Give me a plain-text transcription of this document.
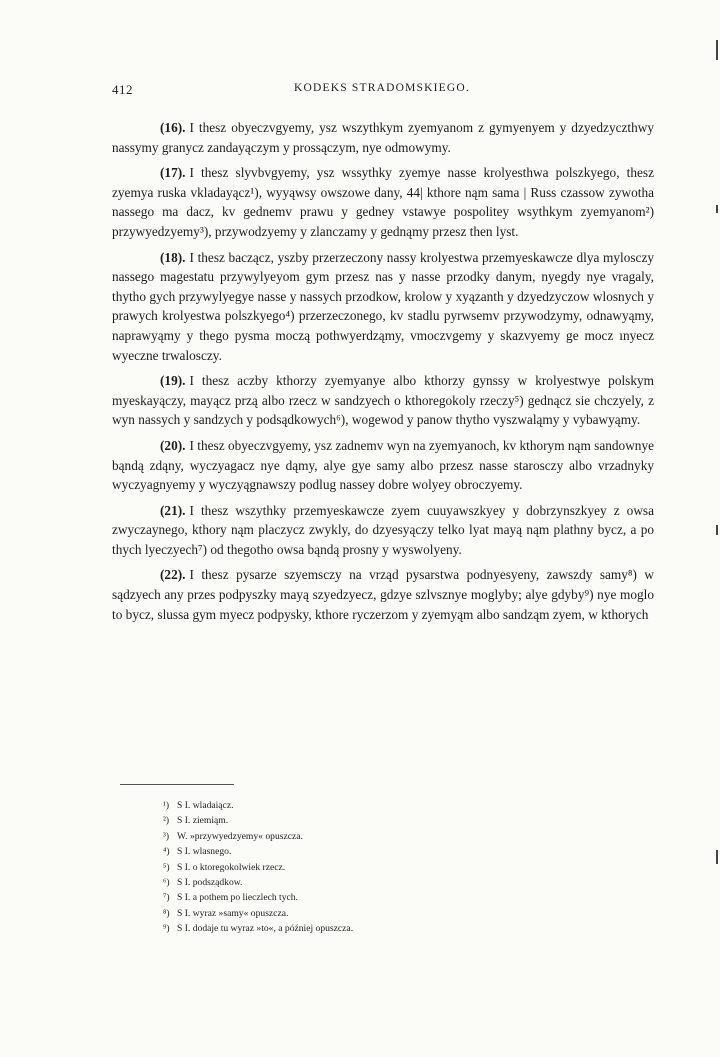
412	KODEKS STRADOMSKIEGO.

(16). I thesz obyeczvgyemy, ysz wszythkym zyemyanom z gymyenyem y dzyedzyczthwy nassymy granycz zandayączym y prossączym, nye odmowymy.

(17). I thesz slyvbvgyemy, ysz wssythky zyemye nasse krolyesthwa polszkyego, thesz zyemya ruska vkladayącz¹), wyyąwsy owszowe dany, 44| kthore nąm sama | Russ czassow zywotha nassego ma dacz, kv gednemv prawu y gedney vstawye pospolitey wsythkym zyemyanom²) przywyedzyemy³), przywodzyemy y zlanczamy y gednąmy przesz then lyst.

(18). I thesz baczącz, yszby przerzeczony nassy krolyestwa przemyeskawcze dlya mylosczy nassego magestatu przywylyeyom gym przesz nas y nasse przodky danym, nyegdy nye vragaly, thytho gych przywylyegye nasse y nassych przodkow, krolow y xyązanth y dzyedzyczow wlosnych y prawych krolyestwa polszkyego⁴) przerzeczonego, kv stadlu pyrwsemv przywodzymy, odnawyąmy, naprawyąmy y thego pysma moczą pothwyerdząmy, vmoczvgemy y skazvyemy ge mocz ınyecz wyeczne trwalosczy.

(19). I thesz aczby kthorzy zyemyanye albo kthorzy gynssy w krolyestwye polskym myeskayączy, mayącz przą albo rzecz w sandzyech o kthoregokoly rzeczy⁵) gednącz sie chczyely, z wyn nassych y sandzych y podsądkowych⁶), wogewod y panow thytho vyszwaląmy y vybawyąmy.

(20). I thesz obyeczvgyemy, ysz zadnemv wyn na zyemyanoch, kv kthorym nąm sandownye bąndą zdąny, wyczyagacz nye dąmy, alye gye samy albo przesz nasse starosczy albo vrzadnyky wyczyagnyemy y wyczyągnawszy podlug nassey dobre wolyey obroczyemy.

(21). I thesz wszythky przemyeskawcze zyem cuuyawszkyey y dobrzynszkyey z owsa zwyczaynego, kthory nąm placzycz zwykly, do dzyesyączy telko lyat mayą nąm plathny bycz, a po thych lyeczyech⁷) od thegotho owsa bąndą prosny y wyswolyeny.

(22). I thesz pysarze szyemsczy na vrząd pysarstwa podnyesyeny, zawszdy samy⁸) w sądzyech any przes podpyszky mayą szyedzyecz, gdzye szlvsznye moglyby; alye gdyby⁹) nye moglo to bycz, slussa gym myecz podpysky, kthore ryczerzom y zyemyąm albo sandząm zyem, w kthorych

¹) S I. wladaiącz.
²) S I. ziemiąm.
³) W. »przywyedzyemy« opuszcza.
⁴) S I. wlasnego.
⁵) S I. o ktoregokolwiek rzecz.
⁶) S I. podsządkow.
⁷) S I. a pothem po lieczlech tych.
⁸) S I. wyraz »samy« opuszcza.
⁹) S I. dodaje tu wyraz »to«, a później opuszcza.
